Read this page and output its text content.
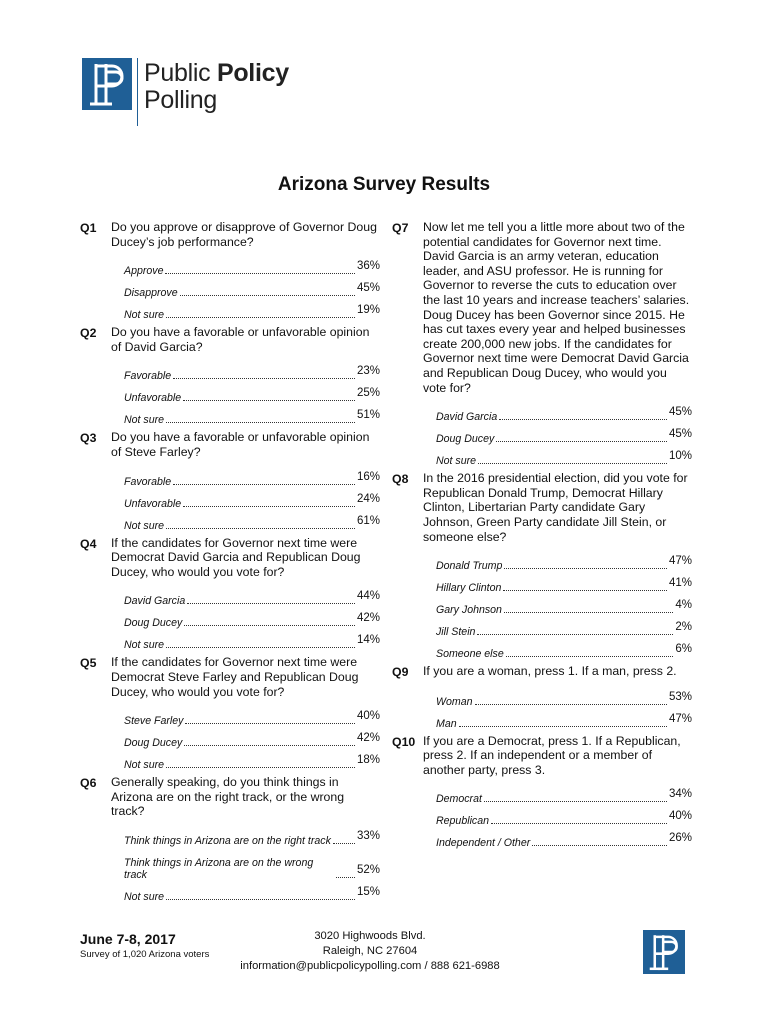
Public Policy
Polling
Arizona Survey Results
Q1	Do you approve or disapprove of Governor Doug Ducey’s job performance?
Approve	36%
Disapprove	45%
Not sure	19%
Q2	Do you have a favorable or unfavorable opinion of David Garcia?
Favorable	23%
Unfavorable	25%
Not sure	51%
Q3	Do you have a favorable or unfavorable opinion of Steve Farley?
Favorable	16%
Unfavorable	24%
Not sure	61%
Q4	If the candidates for Governor next time were Democrat David Garcia and Republican Doug Ducey, who would you vote for?
David Garcia	44%
Doug Ducey	42%
Not sure	14%
Q5	If the candidates for Governor next time were Democrat Steve Farley and Republican Doug Ducey, who would you vote for?
Steve Farley	40%
Doug Ducey	42%
Not sure	18%
Q6	Generally speaking, do you think things in Arizona are on the right track, or the wrong track?
Think things in Arizona are on the right track 33%
Think things in Arizona are on the wrong track	52%
Not sure	15%
Q7	Now let me tell you a little more about two of the potential candidates for Governor next time. David Garcia is an army veteran, education leader, and ASU professor. He is running for Governor to reverse the cuts to education over the last 10 years and increase teachers’ salaries. Doug Ducey has been Governor since 2015. He has cut taxes every year and helped businesses create 200,000 new jobs. If the candidates for Governor next time were Democrat David Garcia and Republican Doug Ducey, who would you vote for?
David Garcia	45%
Doug Ducey	45%
Not sure	10%
Q8	In the 2016 presidential election, did you vote for Republican Donald Trump, Democrat Hillary Clinton, Libertarian Party candidate Gary Johnson, Green Party candidate Jill Stein, or someone else?
Donald Trump	47%
Hillary Clinton	41%
Gary Johnson	4%
Jill Stein	2%
Someone else	6%
Q9	If you are a woman, press 1. If a man, press 2.
Woman	53%
Man	47%
Q10 If you are a Democrat, press 1. If a Republican, press 2. If an independent or a member of another party, press 3.
Democrat	34%
Republican	40%
Independent / Other	26%
June 7-8, 2017
Survey of 1,020 Arizona voters
3020 Highwoods Blvd.
Raleigh, NC 27604
information@publicpolicypolling.com / 888 621-6988
